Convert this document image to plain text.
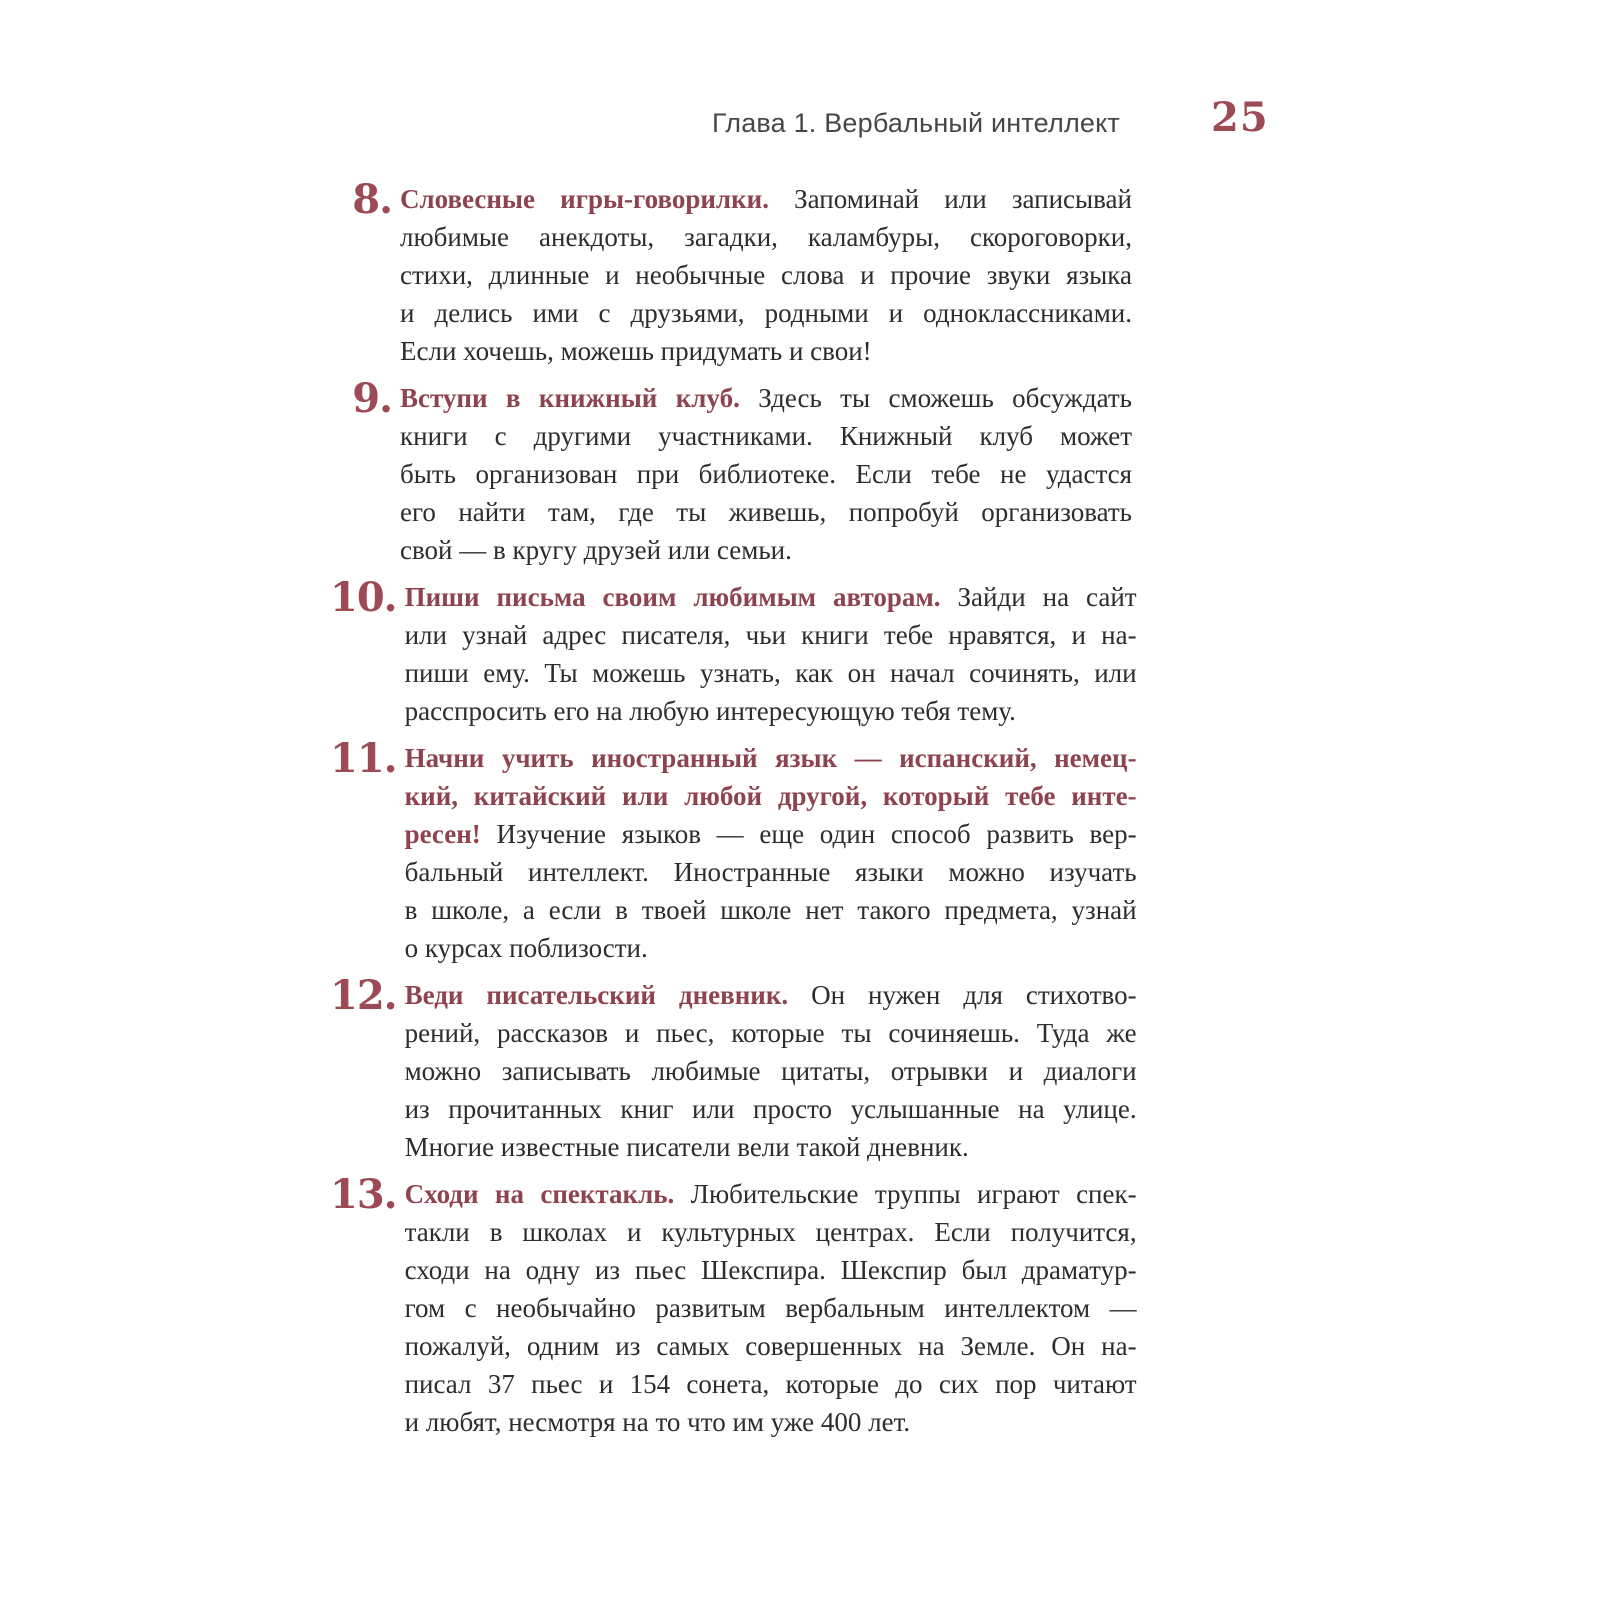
Глава 1. Вербальный интеллект 25
8. Словесные игры-говорилки. Запоминай или записывай
любимые анекдоты, загадки, каламбуры, скороговорки,
стихи, длинные и необычные слова и прочие звуки языка
и делись ими с друзьями, родными и одноклассниками.
Если хочешь, можешь придумать и свои!
9. Вступи в книжный клуб. Здесь ты сможешь обсуждать
книги с другими участниками. Книжный клуб может
быть организован при библиотеке. Если тебе не удастся
его найти там, где ты живешь, попробуй организовать
свой — в кругу друзей или семьи.
10. Пиши письма своим любимым авторам. Зайди на сайт
или узнай адрес писателя, чьи книги тебе нравятся, и на-
пиши ему. Ты можешь узнать, как он начал сочинять, или
расспросить его на любую интересующую тебя тему.
11. Начни учить иностранный язык — испанский, немец-
кий, китайский или любой другой, который тебе инте-
ресен! Изучение языков — еще один способ развить вер-
бальный интеллект. Иностранные языки можно изучать
в школе, а если в твоей школе нет такого предмета, узнай
о курсах поблизости.
12. Веди писательский дневник. Он нужен для стихотво-
рений, рассказов и пьес, которые ты сочиняешь. Туда же
можно записывать любимые цитаты, отрывки и диалоги
из прочитанных книг или просто услышанные на улице.
Многие известные писатели вели такой дневник.
13. Сходи на спектакль. Любительские труппы играют спек-
такли в школах и культурных центрах. Если получится,
сходи на одну из пьес Шекспира. Шекспир был драматур-
гом с необычайно развитым вербальным интеллектом —
пожалуй, одним из самых совершенных на Земле. Он на-
писал 37 пьес и 154 сонета, которые до сих пор читают
и любят, несмотря на то что им уже 400 лет.
